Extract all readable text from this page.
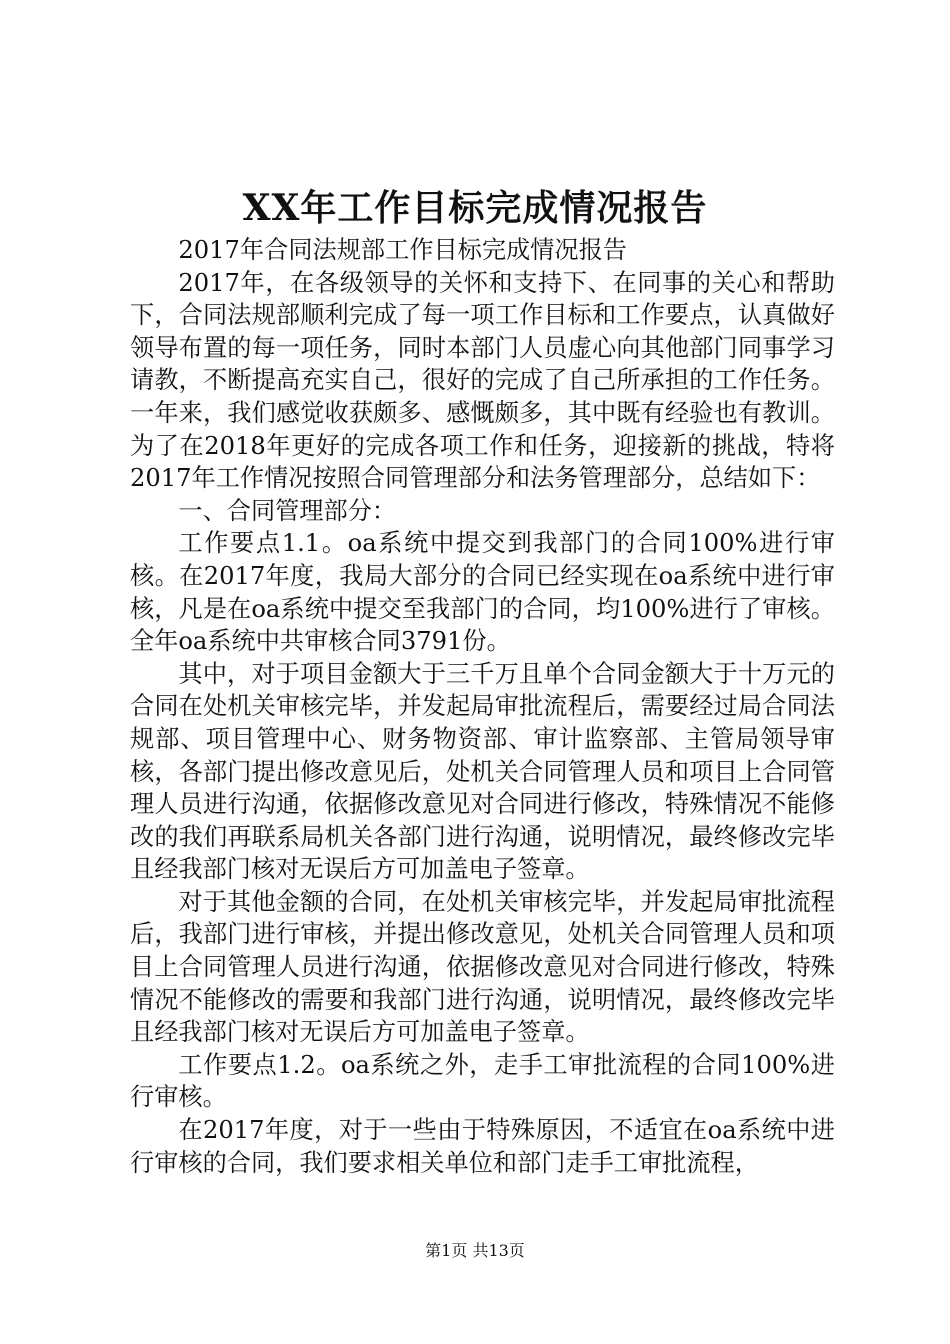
XX年工作目标完成情况报告

2017年合同法规部工作目标完成情况报告

2017年，在各级领导的关怀和支持下、在同事的关心和帮助下，合同法规部顺利完成了每一项工作目标和工作要点，认真做好领导布置的每一项任务，同时本部门人员虚心向其他部门同事学习请教，不断提高充实自己，很好的完成了自己所承担的工作任务。一年来，我们感觉收获颇多、感慨颇多，其中既有经验也有教训。为了在2018年更好的完成各项工作和任务，迎接新的挑战，特将2017年工作情况按照合同管理部分和法务管理部分，总结如下：

一、合同管理部分：

工作要点1.1。oa系统中提交到我部门的合同100%进行审核。在2017年度，我局大部分的合同已经实现在oa系统中进行审核，凡是在oa系统中提交至我部门的合同，均100%进行了审核。全年oa系统中共审核合同3791份。

其中，对于项目金额大于三千万且单个合同金额大于十万元的合同在处机关审核完毕，并发起局审批流程后，需要经过局合同法规部、项目管理中心、财务物资部、审计监察部、主管局领导审核，各部门提出修改意见后，处机关合同管理人员和项目上合同管理人员进行沟通，依据修改意见对合同进行修改，特殊情况不能修改的我们再联系局机关各部门进行沟通，说明情况，最终修改完毕且经我部门核对无误后方可加盖电子签章。

对于其他金额的合同，在处机关审核完毕，并发起局审批流程后，我部门进行审核，并提出修改意见，处机关合同管理人员和项目上合同管理人员进行沟通，依据修改意见对合同进行修改，特殊情况不能修改的需要和我部门进行沟通，说明情况，最终修改完毕且经我部门核对无误后方可加盖电子签章。

工作要点1.2。oa系统之外，走手工审批流程的合同100%进行审核。

在2017年度，对于一些由于特殊原因，不适宜在oa系统中进行审核的合同，我们要求相关单位和部门走手工审批流程，

第1页 共13页
